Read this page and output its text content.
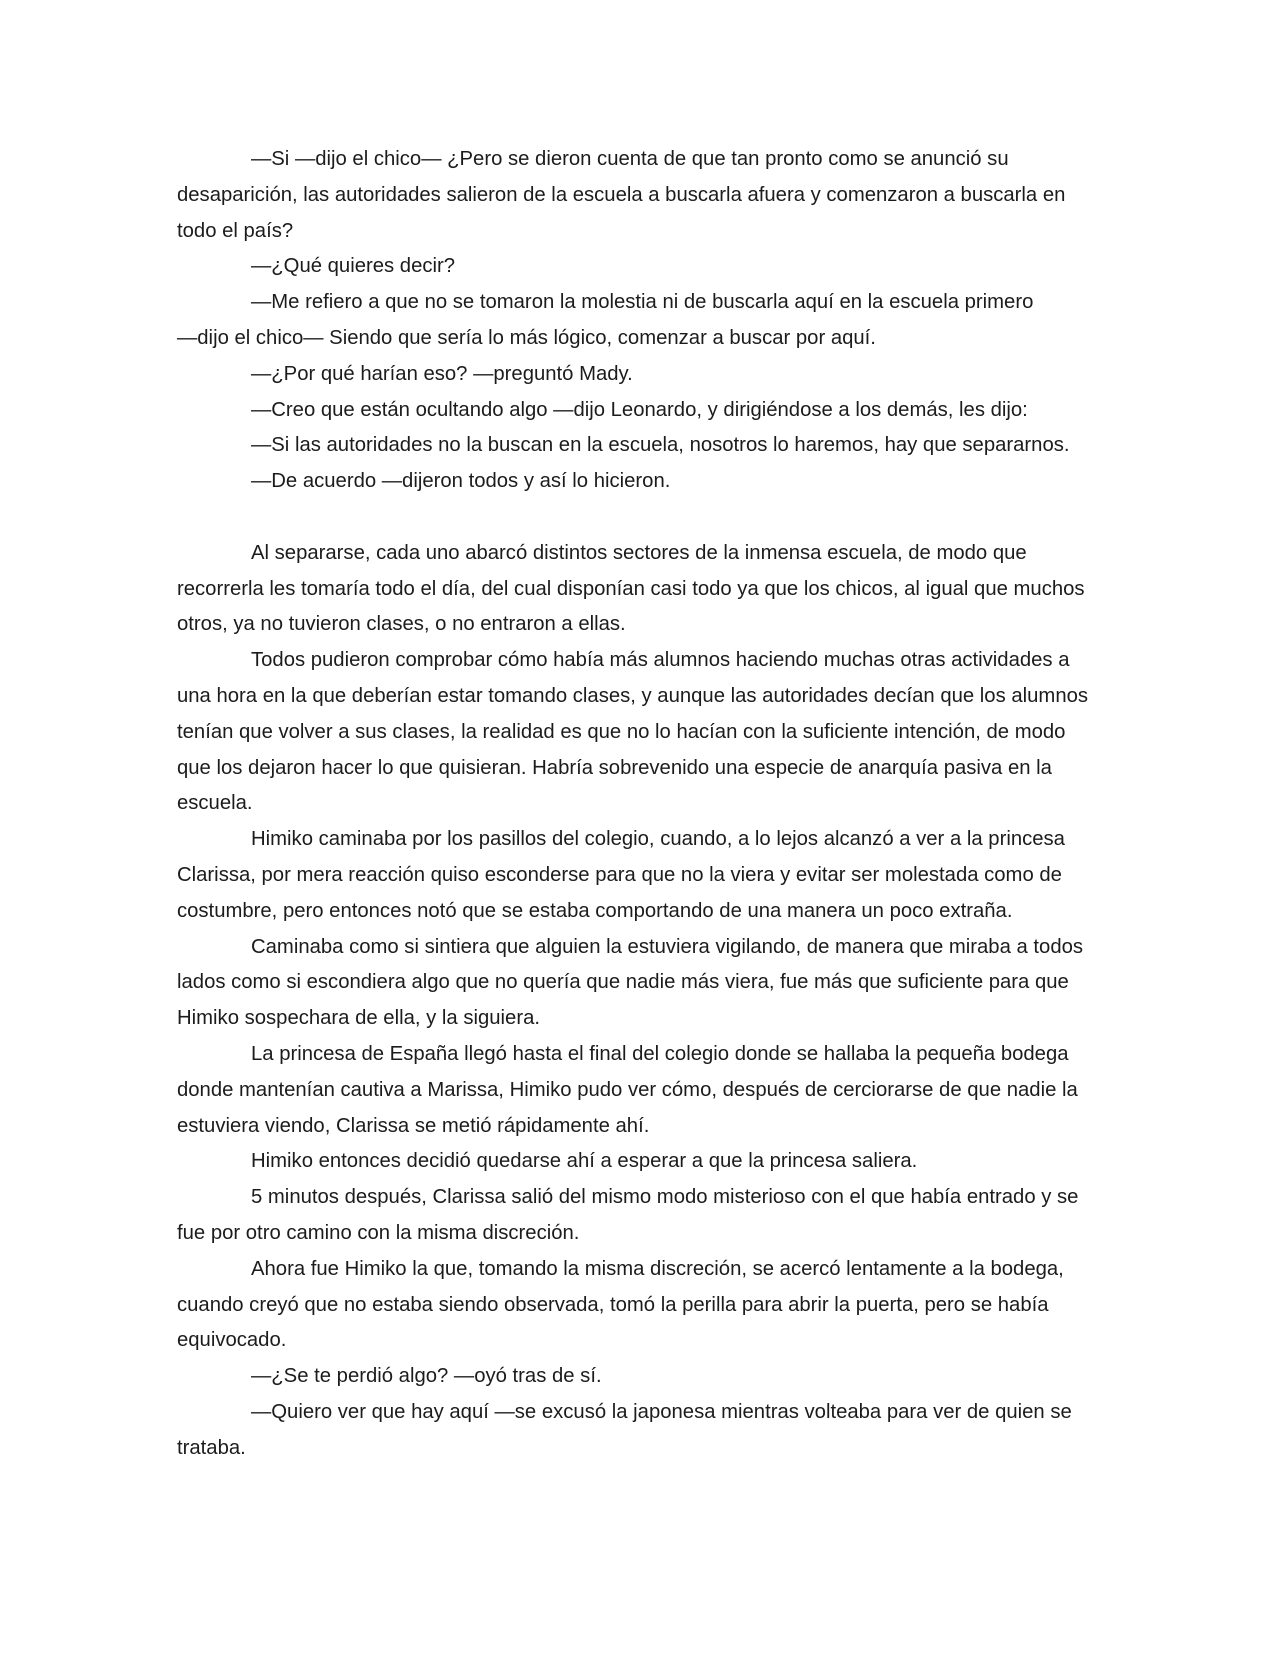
—Si —dijo el chico— ¿Pero se dieron cuenta de que tan pronto como se anunció su desaparición, las autoridades salieron de la escuela a buscarla afuera y comenzaron a buscarla en todo el país?

—¿Qué quieres decir?

—Me refiero a que no se tomaron la molestia ni de buscarla aquí en la escuela primero

—dijo el chico— Siendo que sería lo más lógico, comenzar a buscar por aquí.

—¿Por qué harían eso? —preguntó Mady.

—Creo que están ocultando algo —dijo Leonardo, y dirigiéndose a los demás, les dijo:

—Si las autoridades no la buscan en la escuela, nosotros lo haremos, hay que separarnos.

—De acuerdo —dijeron todos y así lo hicieron.

Al separarse, cada uno abarcó distintos sectores de la inmensa escuela, de modo que recorrerla les tomaría todo el día, del cual disponían casi todo ya que los chicos, al igual que muchos otros, ya no tuvieron clases, o no entraron a ellas.

Todos pudieron comprobar cómo había más alumnos haciendo muchas otras actividades a una hora en la que deberían estar tomando clases, y aunque las autoridades decían que los alumnos tenían que volver a sus clases, la realidad es que no lo hacían con la suficiente intención, de modo que los dejaron hacer lo que quisieran. Habría sobrevenido una especie de anarquía pasiva en la escuela.

Himiko caminaba por los pasillos del colegio, cuando, a lo lejos alcanzó a ver a la princesa Clarissa, por mera reacción quiso esconderse para que no la viera y evitar ser molestada como de costumbre, pero entonces notó que se estaba comportando de una manera un poco extraña.

Caminaba como si sintiera que alguien la estuviera vigilando, de manera que miraba a todos lados como si escondiera algo que no quería que nadie más viera, fue más que suficiente para que Himiko sospechara de ella, y la siguiera.

La princesa de España llegó hasta el final del colegio donde se hallaba la pequeña bodega donde mantenían cautiva a Marissa, Himiko pudo ver cómo, después de cerciorarse de que nadie la estuviera viendo, Clarissa se metió rápidamente ahí.

Himiko entonces decidió quedarse ahí a esperar a que la princesa saliera.

5 minutos después, Clarissa salió del mismo modo misterioso con el que había entrado y se fue por otro camino con la misma discreción.

Ahora fue Himiko la que, tomando la misma discreción, se acercó lentamente a la bodega, cuando creyó que no estaba siendo observada, tomó la perilla para abrir la puerta, pero se había equivocado.

—¿Se te perdió algo? —oyó tras de sí.

—Quiero ver que hay aquí —se excusó la japonesa mientras volteaba para ver de quien se trataba.
